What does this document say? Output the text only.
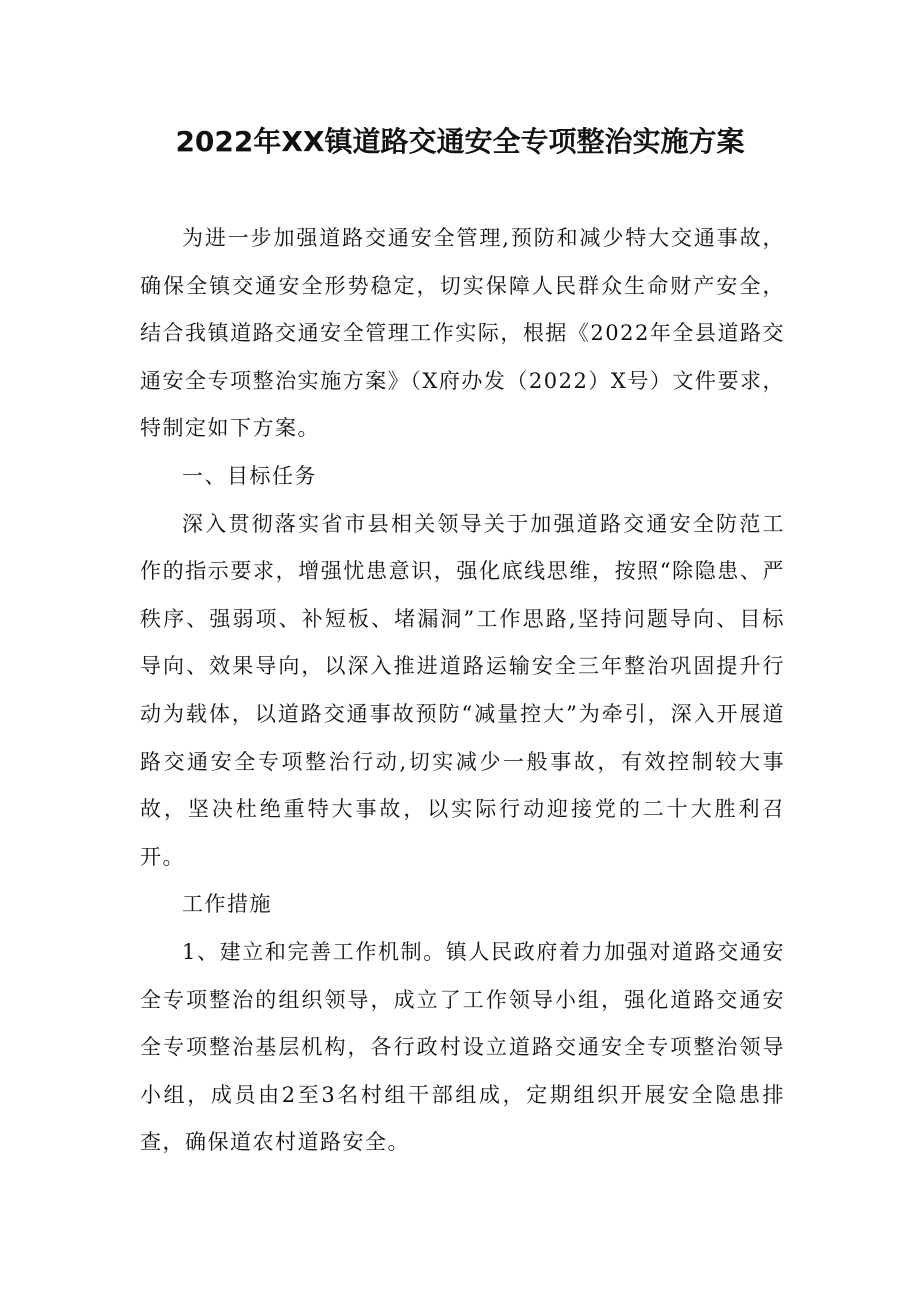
2022年XX镇道路交通安全专项整治实施方案

为进一步加强道路交通安全管理,预防和减少特大交通事故，确保全镇交通安全形势稳定，切实保障人民群众生命财产安全，结合我镇道路交通安全管理工作实际，根据《2022年全县道路交通安全专项整治实施方案》（X府办发（2022）X号）文件要求，特制定如下方案。

一、目标任务

深入贯彻落实省市县相关领导关于加强道路交通安全防范工作的指示要求，增强忧患意识，强化底线思维，按照“除隐患、严秩序、强弱项、补短板、堵漏洞”工作思路,坚持问题导向、目标导向、效果导向，以深入推进道路运输安全三年整治巩固提升行动为载体，以道路交通事故预防“减量控大”为牵引，深入开展道路交通安全专项整治行动,切实减少一般事故，有效控制较大事故，坚决杜绝重特大事故，以实际行动迎接党的二十大胜利召开。

工作措施

1、建立和完善工作机制。镇人民政府着力加强对道路交通安全专项整治的组织领导，成立了工作领导小组，强化道路交通安全专项整治基层机构，各行政村设立道路交通安全专项整治领导小组，成员由2至3名村组干部组成，定期组织开展安全隐患排查，确保道农村道路安全。
